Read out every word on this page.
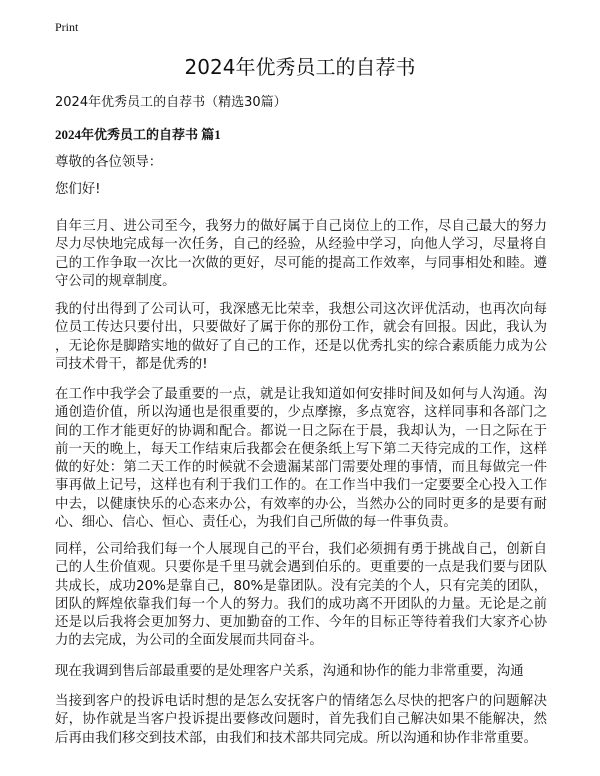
Print
2024年优秀员工的自荐书
2024年优秀员工的自荐书（精选30篇）
2024年优秀员工的自荐书 篇1
尊敬的各位领导：
您们好!
自年三月、进公司至今，我努力的做好属于自己岗位上的工作，尽自己最大的努力
尽力尽快地完成每一次任务，自己的经验，从经验中学习，向他人学习，尽量将自
己的工作争取一次比一次做的更好，尽可能的提高工作效率，与同事相处和睦。遵
守公司的规章制度。
我的付出得到了公司认可，我深感无比荣幸，我想公司这次评优活动，也再次向每
位员工传达只要付出，只要做好了属于你的那份工作，就会有回报。因此，我认为
，无论你是脚踏实地的做好了自己的工作，还是以优秀扎实的综合素质能力成为公
司技术骨干，都是优秀的!
在工作中我学会了最重要的一点，就是让我知道如何安排时间及如何与人沟通。沟
通创造价值，所以沟通也是很重要的，少点摩擦，多点宽容，这样同事和各部门之
间的工作才能更好的协调和配合。都说一日之际在于晨，我却认为，一日之际在于
前一天的晚上，每天工作结束后我都会在便条纸上写下第二天待完成的工作，这样
做的好处：第二天工作的时候就不会遗漏某部门需要处理的事情，而且每做完一件
事再做上记号，这样也有利于我们工作的。在工作当中我们一定要要全心投入工作
中去，以健康快乐的心态来办公，有效率的办公，当然办公的同时更多的是要有耐
心、细心、信心、恒心、责任心，为我们自己所做的每一件事负责。
同样，公司给我们每一个人展现自己的平台，我们必须拥有勇于挑战自己，创新自
己的人生价值观。只要你是千里马就会遇到伯乐的。更重要的一点是我们要与团队
共成长，成功20%是靠自己，80%是靠团队。没有完美的个人，只有完美的团队，
团队的辉煌依靠我们每一个人的努力。我们的成功离不开团队的力量。无论是之前
还是以后我将会更加努力、更加勤奋的工作、今年的目标正等待着我们大家齐心协
力的去完成，为公司的全面发展而共同奋斗。
现在我调到售后部最重要的是处理客户关系，沟通和协作的能力非常重要，沟通
当接到客户的投诉电话时想的是怎么安抚客户的情绪怎么尽快的把客户的问题解决
好，协作就是当客户投诉提出要修改问题时，首先我们自己解决如果不能解决，然
后再由我们移交到技术部，由我们和技术部共同完成。所以沟通和协作非常重要。
